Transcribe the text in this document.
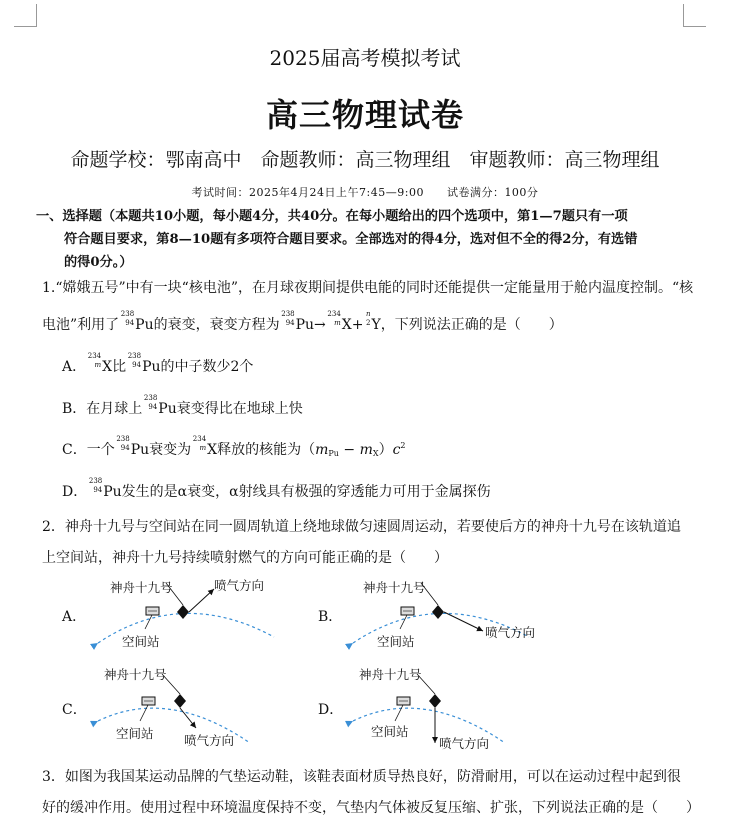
2025届高考模拟考试
高三物理试卷
命题学校：鄂南高中　命题教师：高三物理组　审题教师：高三物理组
考试时间：2025年4月24日上午7:45—9:00　　试卷满分：100分
一、选择题（本题共10小题，每小题4分，共40分。在每小题给出的四个选项中，第1—7题只有一项
符合题目要求，第8—10题有多项符合题目要求。全部选对的得4分，选对但不全的得2分，有选错
的得0分。）
1.“嫦娥五号”中有一块“核电池”，在月球夜期间提供电能的同时还能提供一定能量用于舱内温度控制。“核
电池”利用了
238
94 Pu的衰变，衰变方程为
238
94 Pu→
234
m X+
n
2 Y，下列说法正确的是（　　）
A．
234
m X比
238
94 Pu的中子数少2个
B．在月球上
238
94 Pu衰变得比在地球上快
C．一个
238
94 Pu衰变为
234
m X释放的核能为$(m_{Pu} - m_X)c^2$
D．
238
94 Pu发生的是α衰变，α射线具有极强的穿透能力可用于金属探伤
2．神舟十九号与空间站在同一圆周轨道上绕地球做匀速圆周运动，若要使后方的神舟十九号在该轨道追
上空间站，神舟十九号持续喷射燃气的方向可能正确的是（　　）
A．
神舟十九号	喷气方向
空间站
B．
神舟十九号
喷气方向
空间站
C．
神舟十九号
空间站 喷气方向
D．
神舟十九号
空间站
喷气方向
3．如图为我国某运动品牌的气垫运动鞋，该鞋表面材质导热良好，防滑耐用，可以在运动过程中起到很
好的缓冲作用。使用过程中环境温度保持不变，气垫内气体被反复压缩、扩张，下列说法正确的是（　　）
